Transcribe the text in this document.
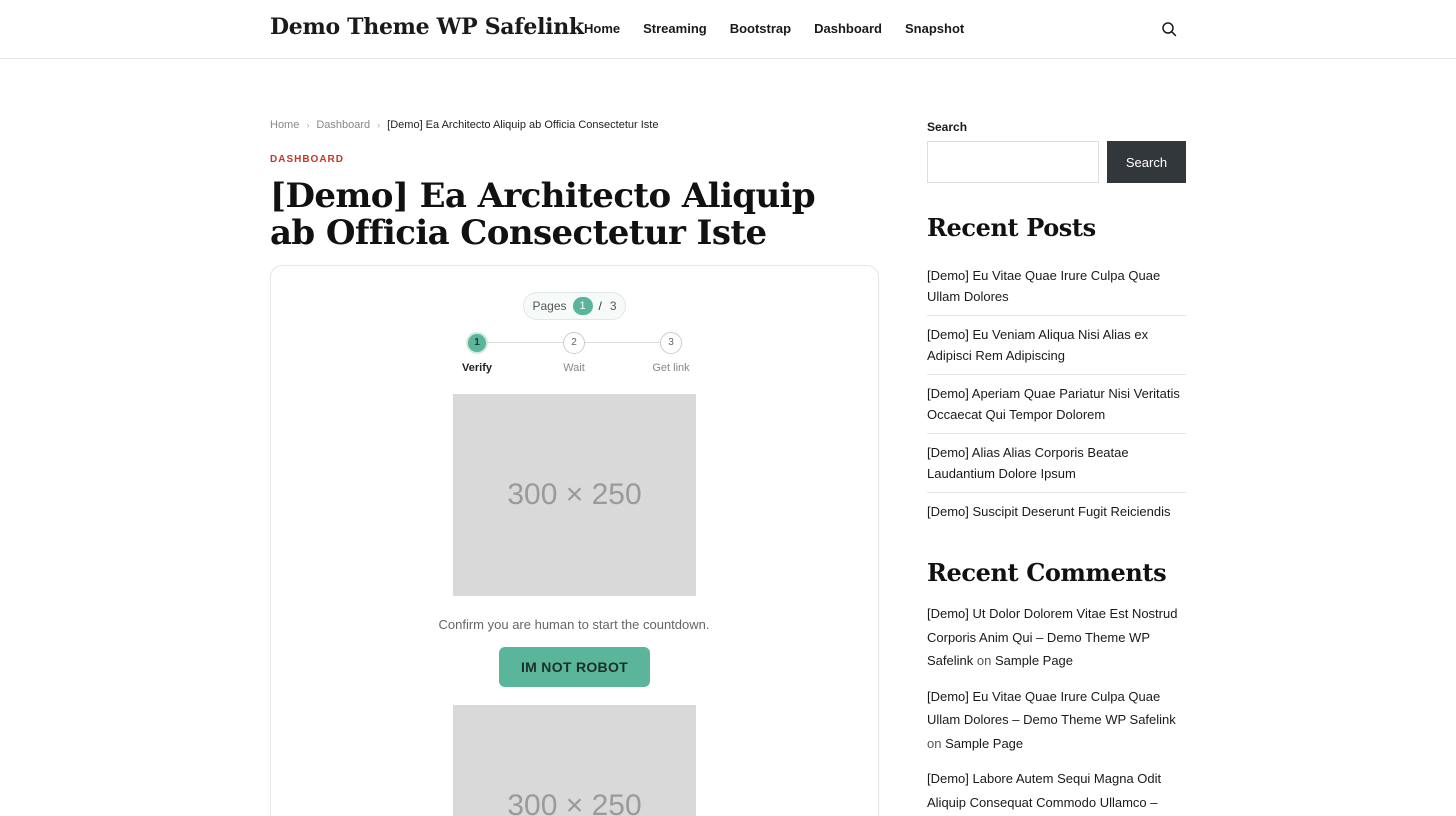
Demo Theme WP Safelink Home Streaming Bootstrap Dashboard Snapshot
Home › Dashboard › [Demo] Ea Architecto Aliquip ab Officia Consectetur Iste
DASHBOARD
[Demo] Ea Architecto Aliquip ab Officia Consectetur Iste
Pages	1	/ 3
1	2	3
Verify	Wait	Get link
300 × 250
Confirm you are human to start the countdown.
IM NOT ROBOT
300 × 250
Search
Search
Recent Posts
[Demo] Eu Vitae Quae Irure Culpa Quae Ullam Dolores
[Demo] Eu Veniam Aliqua Nisi Alias ex Adipisci Rem Adipiscing
[Demo] Aperiam Quae Pariatur Nisi Veritatis Occaecat Qui Tempor Dolorem
[Demo] Alias Alias Corporis Beatae Laudantium Dolore Ipsum
[Demo] Suscipit Deserunt Fugit Reiciendis
Recent Comments
[Demo] Ut Dolor Dolorem Vitae Est Nostrud Corporis Anim Qui – Demo Theme WP Safelink on Sample Page
[Demo] Eu Vitae Quae Irure Culpa Quae Ullam Dolores – Demo Theme WP Safelink on Sample Page
[Demo] Labore Autem Sequi Magna Odit Aliquip Consequat Commodo Ullamco –
